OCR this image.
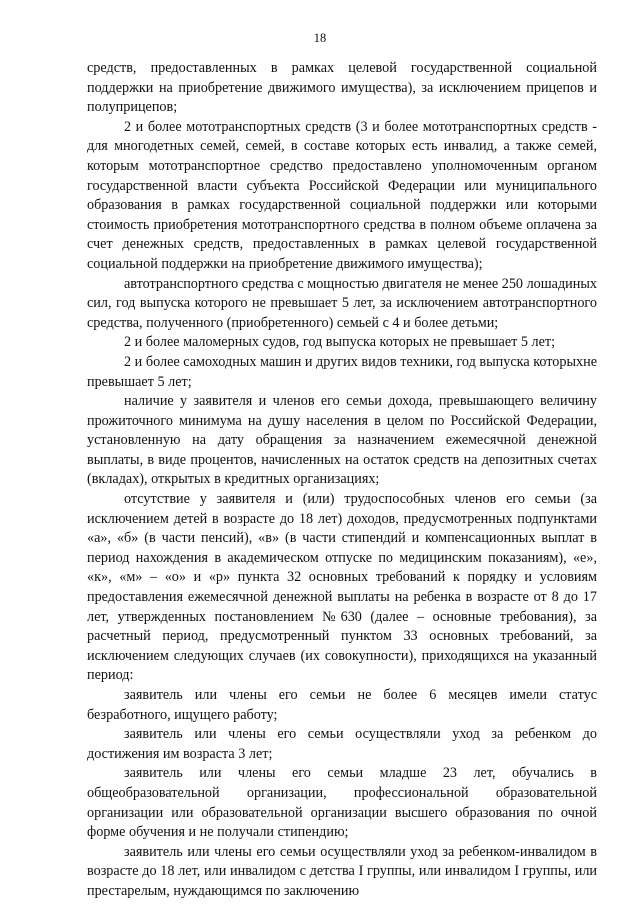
18

средств, предоставленных в рамках целевой государственной социальной поддержки на приобретение движимого имущества), за исключением прицепов и полуприцепов;

2 и более мототранспортных средств (3 и более мототранспортных средств - для многодетных семей, семей, в составе которых есть инвалид, а также семей, которым мототранспортное средство предоставлено уполномоченным органом государственной власти субъекта Российской Федерации или муниципального образования в рамках государственной социальной поддержки или которыми стоимость приобретения мототранспортного средства в полном объеме оплачена за счет денежных средств, предоставленных в рамках целевой государственной социальной поддержки на приобретение движимого имущества);

автотранспортного средства с мощностью двигателя не менее 250 лошадиных сил, год выпуска которого не превышает 5 лет, за исключением автотранспортного средства, полученного (приобретенного) семьей с 4 и более детьми;

2 и более маломерных судов, год выпуска которых не превышает 5 лет;

2 и более самоходных машин и других видов техники, год выпуска которыхне превышает 5 лет;

наличие у заявителя и членов его семьи дохода, превышающего величину прожиточного минимума на душу населения в целом по Российской Федерации, установленную на дату обращения за назначением ежемесячной денежной выплаты, в виде процентов, начисленных на остаток средств на депозитных счетах (вкладах), открытых в кредитных организациях;

отсутствие у заявителя и (или) трудоспособных членов его семьи (за исключением детей в возрасте до 18 лет) доходов, предусмотренных подпунктами «а», «б» (в части пенсий), «в» (в части стипендий и компенсационных выплат в период нахождения в академическом отпуске по медицинским показаниям), «е», «к», «м» – «о» и «р» пункта 32 основных требований к порядку и условиям предоставления ежемесячной денежной выплаты на ребенка в возрасте от 8 до 17 лет, утвержденных постановлением №630 (далее – основные требования), за расчетный период, предусмотренный пунктом 33 основных требований, за исключением следующих случаев (их совокупности), приходящихся на указанный период:

заявитель или члены его семьи не более 6 месяцев имели статус безработного, ищущего работу;

заявитель или члены его семьи осуществляли уход за ребенком до достижения им возраста 3 лет;

заявитель или члены его семьи младше 23 лет, обучались в общеобразовательной организации, профессиональной образовательной организации или образовательной организации высшего образования по очной форме обучения и не получали стипендию;

заявитель или члены его семьи осуществляли уход за ребенком-инвалидом в возрасте до 18 лет, или инвалидом с детства I группы, или инвалидом I группы, или престарелым, нуждающимся по заключению
